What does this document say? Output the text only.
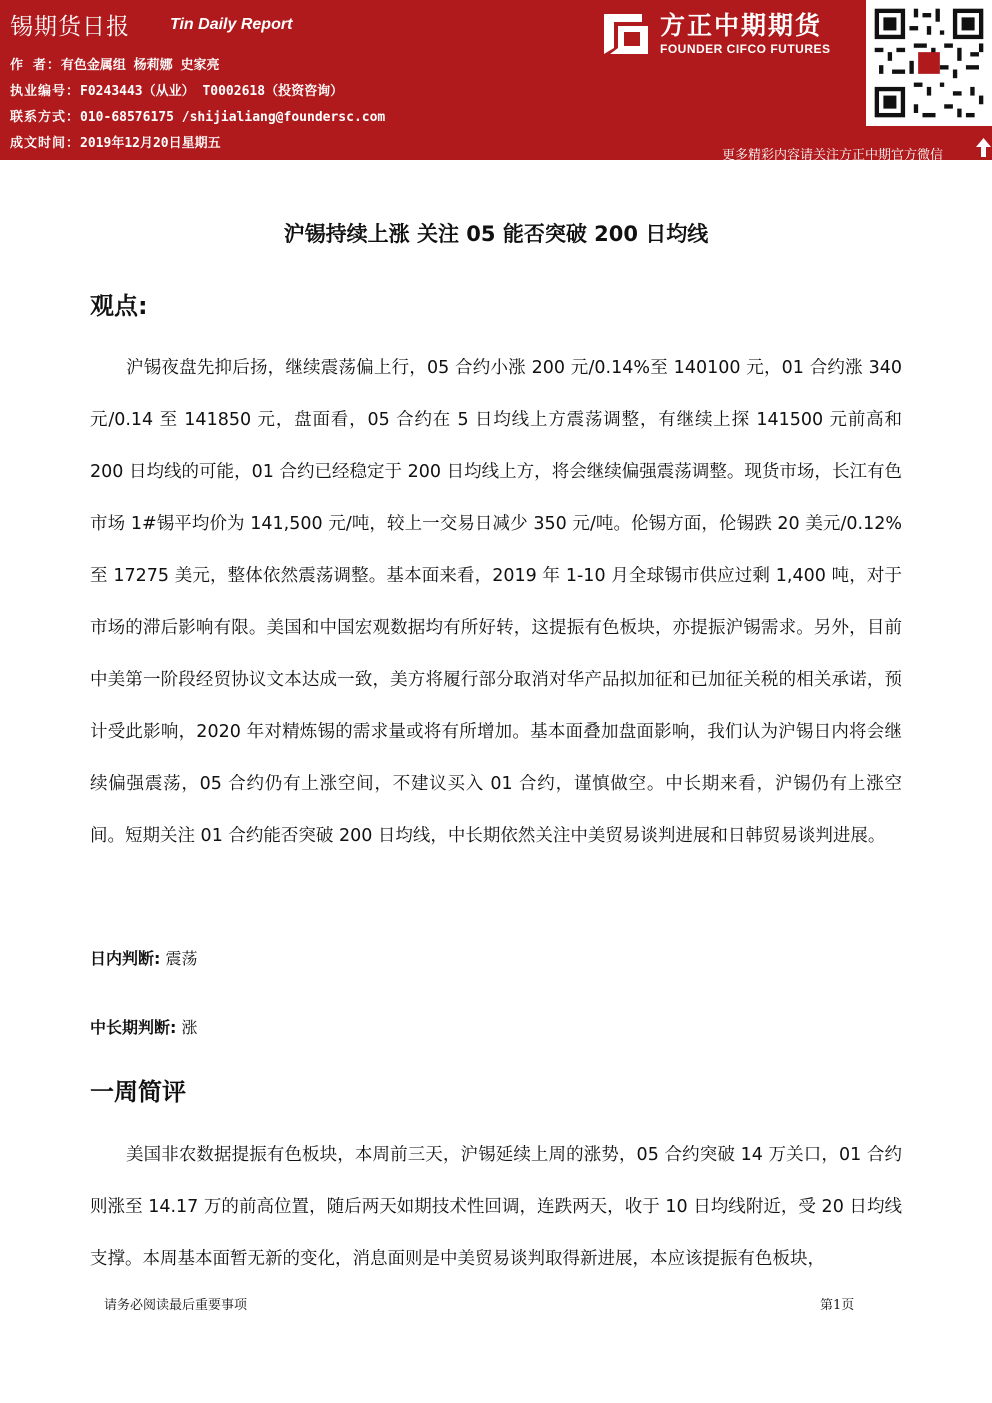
锡期货日报	Tin Daily Report
作 者：有色金属组 杨莉娜 史家亮
执业编号：F0243443（从业） T0002618（投资咨询）
联系方式：010-68576175 /shijialiang@foundersc.com
成文时间：2019年12月20日星期五
方正中期期货
FOUNDER CIFCO FUTURES
更多精彩内容请关注方正中期官方微信
沪锡持续上涨 关注 05 能否突破 200 日均线
观点:
沪锡夜盘先抑后扬，继续震荡偏上行，05 合约小涨 200 元/0.14%至 140100 元，01 合约涨 340 元/0.14 至 141850 元，盘面看，05 合约在 5 日均线上方震荡调整，有继续上探 141500 元前高和 200 日均线的可能，01 合约已经稳定于 200 日均线上方，将会继续偏强震荡调整。现货市场，长江有色市场 1#锡平均价为 141,500 元/吨，较上一交易日减少 350 元/吨。伦锡方面，伦锡跌 20 美元/0.12%至 17275 美元，整体依然震荡调整。基本面来看，2019 年 1-10 月全球锡市供应过剩 1,400 吨，对于市场的滞后影响有限。美国和中国宏观数据均有所好转，这提振有色板块，亦提振沪锡需求。另外，目前中美第一阶段经贸协议文本达成一致，美方将履行部分取消对华产品拟加征和已加征关税的相关承诺，预计受此影响，2020 年对精炼锡的需求量或将有所增加。基本面叠加盘面影响，我们认为沪锡日内将会继续偏强震荡，05 合约仍有上涨空间，不建议买入 01 合约，谨慎做空。中长期来看，沪锡仍有上涨空间。短期关注 01 合约能否突破 200 日均线，中长期依然关注中美贸易谈判进展和日韩贸易谈判进展。
日内判断: 震荡
中长期判断: 涨
一周简评
美国非农数据提振有色板块，本周前三天，沪锡延续上周的涨势，05 合约突破 14 万关口，01 合约则涨至 14.17 万的前高位置，随后两天如期技术性回调，连跌两天，收于 10 日均线附近，受 20 日均线支撑。本周基本面暂无新的变化，消息面则是中美贸易谈判取得新进展，本应该提振有色板块，
请务必阅读最后重要事项	第1页
